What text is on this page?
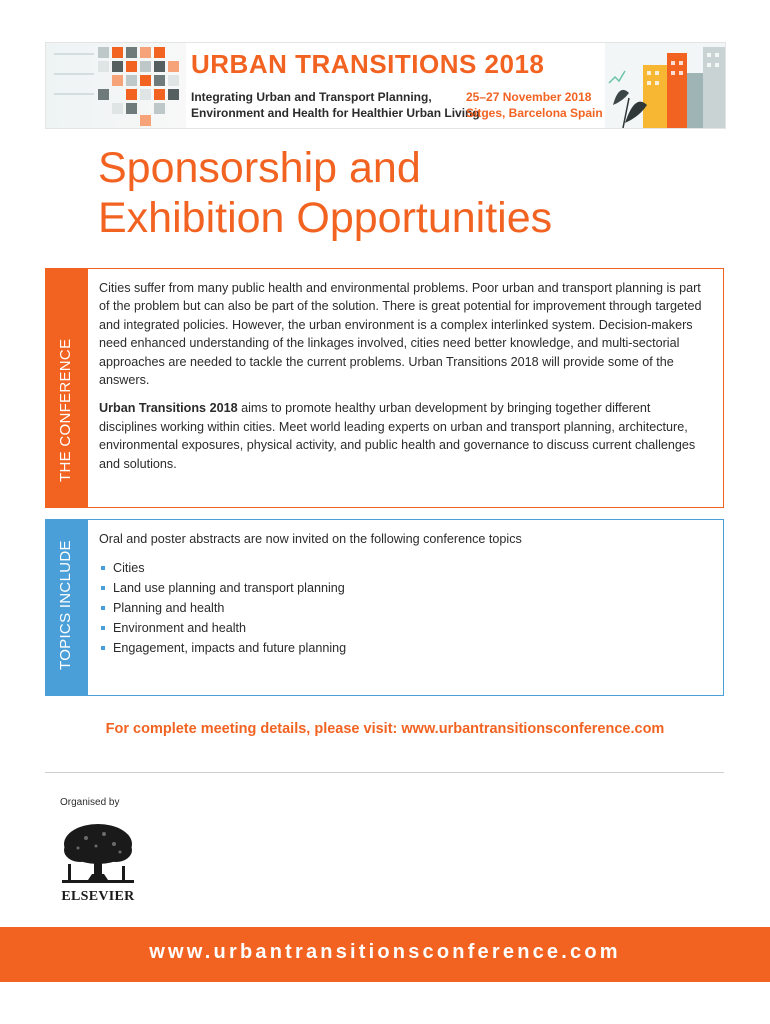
URBAN TRANSITIONS 2018
Integrating Urban and Transport Planning,
Environment and Health for Healthier Urban Living
25–27 November 2018
Sitges, Barcelona Spain
Sponsorship and
Exhibition Opportunities
THE CONFERENCE

Cities suffer from many public health and environmental problems. Poor urban and transport planning is part of the problem but can also be part of the solution. There is great potential for improvement through targeted and integrated policies. However, the urban environment is a complex interlinked system. Decision-makers need enhanced understanding of the linkages involved, cities need better knowledge, and multi-sectorial approaches are needed to tackle the current problems. Urban Transitions 2018 will provide some of the answers.

Urban Transitions 2018 aims to promote healthy urban development by bringing together different disciplines working within cities. Meet world leading experts on urban and transport planning, architecture, environmental exposures, physical activity, and public health and governance to discuss current challenges and solutions.

TOPICS INCLUDE
Oral and poster abstracts are now invited on the following conference topics
Cities
Land use planning and transport planning
Planning and health
Environment and health
Engagement, impacts and future planning
For complete meeting details, please visit: www.urbantransitionsconference.com
Organised by
ELSEVIER
www.urbantransitionsconference.com
